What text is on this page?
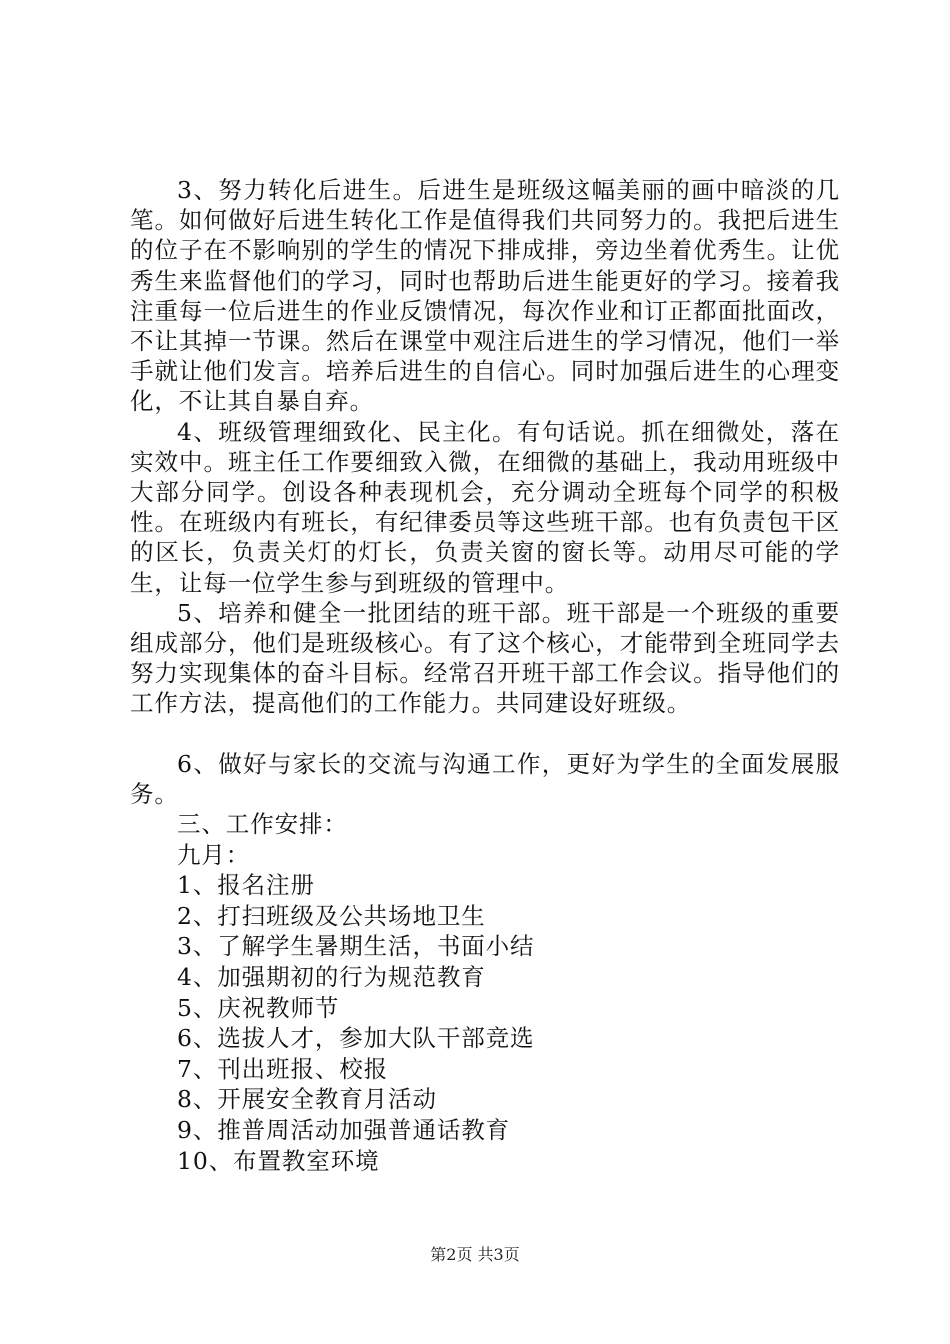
3、努力转化后进生。后进生是班级这幅美丽的画中暗淡的几笔。如何做好后进生转化工作是值得我们共同努力的。我把后进生的位子在不影响别的学生的情况下排成排，旁边坐着优秀生。让优秀生来监督他们的学习，同时也帮助后进生能更好的学习。接着我注重每一位后进生的作业反馈情况，每次作业和订正都面批面改，不让其掉一节课。然后在课堂中观注后进生的学习情况，他们一举手就让他们发言。培养后进生的自信心。同时加强后进生的心理变化，不让其自暴自弃。

4、班级管理细致化、民主化。有句话说。抓在细微处，落在实效中。班主任工作要细致入微，在细微的基础上，我动用班级中大部分同学。创设各种表现机会，充分调动全班每个同学的积极性。在班级内有班长，有纪律委员等这些班干部。也有负责包干区的区长，负责关灯的灯长，负责关窗的窗长等。动用尽可能的学生，让每一位学生参与到班级的管理中。

5、培养和健全一批团结的班干部。班干部是一个班级的重要组成部分，他们是班级核心。有了这个核心，才能带到全班同学去努力实现集体的奋斗目标。经常召开班干部工作会议。指导他们的工作方法，提高他们的工作能力。共同建设好班级。

6、做好与家长的交流与沟通工作，更好为学生的全面发展服务。

三、工作安排：

九月：

1、报名注册

2、打扫班级及公共场地卫生

3、了解学生暑期生活，书面小结

4、加强期初的行为规范教育

5、庆祝教师节

6、选拔人才，参加大队干部竞选

7、刊出班报、校报

8、开展安全教育月活动

9、推普周活动加强普通话教育

10、布置教室环境

第2页 共3页
